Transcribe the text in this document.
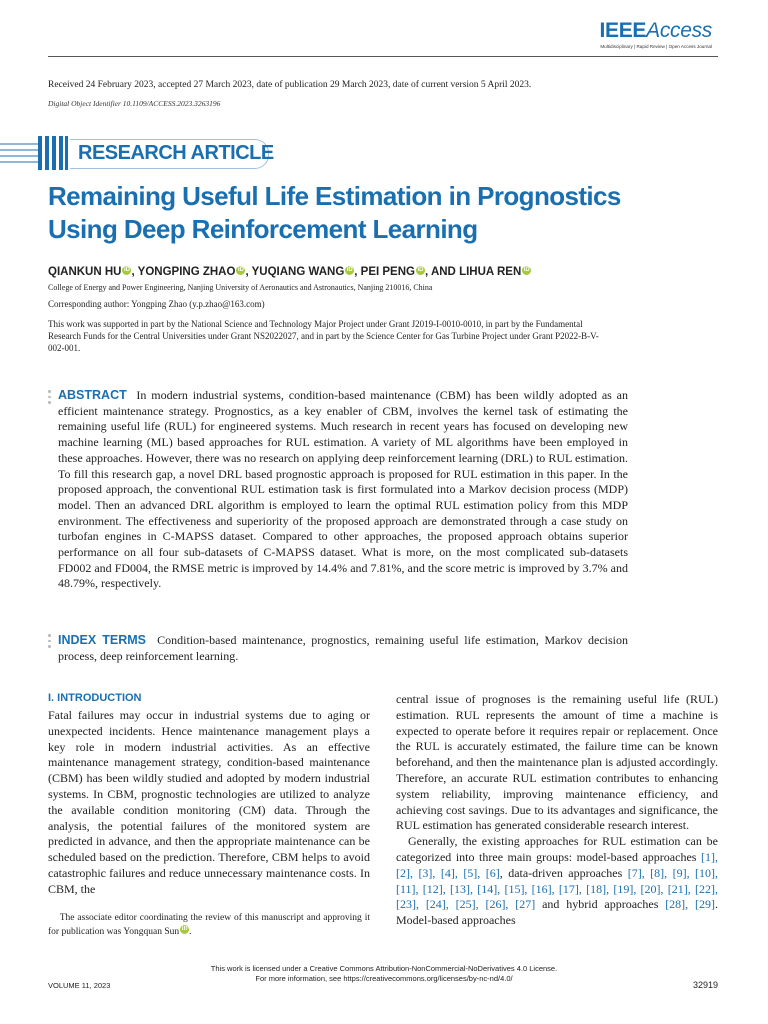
IEEEAccess
Multidisciplinary | Rapid Review | Open Access Journal
Received 24 February 2023, accepted 27 March 2023, date of publication 29 March 2023, date of current version 5 April 2023.
Digital Object Identifier 10.1109/ACCESS.2023.3263196
RESEARCH ARTICLE
Remaining Useful Life Estimation in Prognostics
Using Deep Reinforcement Learning
QIANKUN HU iD , YONGPING ZHAO iD , YUQIANG WANG iD , PEI PENG iD , AND LIHUA REN iD
College of Energy and Power Engineering, Nanjing University of Aeronautics and Astronautics, Nanjing 210016, China
Corresponding author: Yongping Zhao (y.p.zhao@163.com)
This work was supported in part by the National Science and Technology Major Project under Grant J2019-I-0010-0010, in part by the Fundamental Research Funds for the Central Universities under Grant NS2022027, and in part by the Science Center for Gas Turbine Project under Grant P2022-B-V-002-001.
ABSTRACT In modern industrial systems, condition-based maintenance (CBM) has been wildly adopted as an efficient maintenance strategy. Prognostics, as a key enabler of CBM, involves the kernel task of estimating the remaining useful life (RUL) for engineered systems. Much research in recent years has focused on developing new machine learning (ML) based approaches for RUL estimation. A variety of ML algorithms have been employed in these approaches. However, there was no research on applying deep reinforcement learning (DRL) to RUL estimation. To fill this research gap, a novel DRL based prognostic approach is proposed for RUL estimation in this paper. In the proposed approach, the conventional RUL estimation task is first formulated into a Markov decision process (MDP) model. Then an advanced DRL algorithm is employed to learn the optimal RUL estimation policy from this MDP environment. The effectiveness and superiority of the proposed approach are demonstrated through a case study on turbofan engines in C-MAPSS dataset. Compared to other approaches, the proposed approach obtains superior performance on all four sub-datasets of C-MAPSS dataset. What is more, on the most complicated sub-datasets FD002 and FD004, the RMSE metric is improved by 14.4% and 7.81%, and the score metric is improved by 3.7% and 48.79%, respectively.
INDEX TERMS Condition-based maintenance, prognostics, remaining useful life estimation, Markov decision process, deep reinforcement learning.
I. INTRODUCTION

Fatal failures may occur in industrial systems due to aging or unexpected incidents. Hence maintenance management plays a key role in modern industrial activities. As an effective maintenance management strategy, condition-based maintenance (CBM) has been wildly studied and adopted by modern industrial systems. In CBM, prognostic technologies are utilized to analyze the available condition monitoring (CM) data. Through the analysis, the potential failures of the monitored system are predicted in advance, and then the appropriate maintenance can be scheduled based on the prediction. Therefore, CBM helps to avoid catastrophic failures and reduce unnecessary maintenance costs. In CBM, the

central issue of prognoses is the remaining useful life (RUL) estimation. RUL represents the amount of time a machine is expected to operate before it requires repair or replacement. Once the RUL is accurately estimated, the failure time can be known beforehand, and then the maintenance plan is adjusted accordingly. Therefore, an accurate RUL estimation contributes to enhancing system reliability, improving maintenance efficiency, and achieving cost savings. Due to its advantages and significance, the RUL estimation has generated considerable research interest.

Generally, the existing approaches for RUL estimation can be categorized into three main groups: model-based approaches [1], [2], [3], [4], [5], [6], data-driven approaches [7], [8], [9], [10], [11], [12], [13], [14], [15], [16], [17], [18], [19], [20], [21], [22], [23], [24], [25], [26], [27] and hybrid approaches [28], [29]. Model-based approaches

The associate editor coordinating the review of this manuscript and approving it for publication was Yongquan Sun iD .
This work is licensed under a Creative Commons Attribution-NonCommercial-NoDerivatives 4.0 License.
For more information, see https://creativecommons.org/licenses/by-nc-nd/4.0/
VOLUME 11, 2023	32919
